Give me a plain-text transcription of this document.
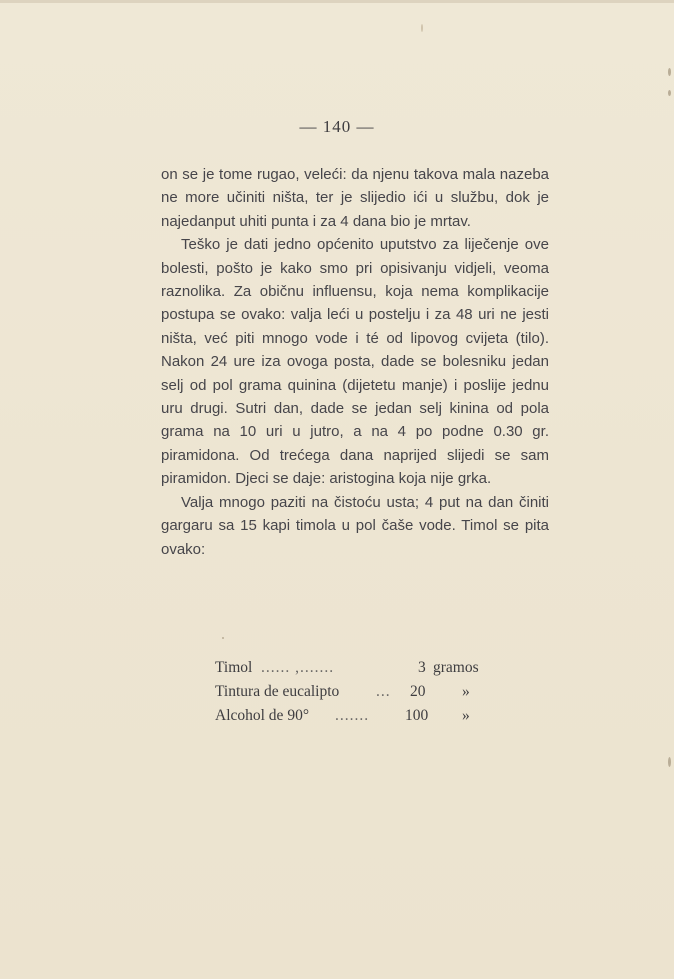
— 140 —

on se je tome rugao, veleći: da njenu takova mala nazeba ne more učiniti ništa, ter je slijedio ići u službu, dok je najedanput uhiti punta i za 4 dana bio je mrtav.

Teško je dati jedno općenito uputstvo za liječenje ove bolesti, pošto je kako smo pri opisivanju vidjeli, veoma raznolika. Za običnu influensu, koja nema komplikacije postupa se ovako: valja leći u postelju i za 48 uri ne jesti ništa, već piti mnogo vode i té od lipovog cvijeta (tilo). Nakon 24 ure iza ovoga posta, dade se bolesniku jedan selj od pol grama quinina (dijetetu manje) i poslije jednu uru drugi. Sutri dan, dade se jedan selj kinina od pola grama na 10 uri u jutro, a na 4 po podne 0.30 gr. piramidona. Od trećega dana naprijed slijedi se sam piramidon. Djeci se daje: aristogina koja nije grka.

Valja mnogo paziti na čistoću usta; 4 put na dan činiti gargaru sa 15 kapi timola u pol čaše vode. Timol se pita ovako:

Timol ...... ,.......	3 gramos
Tintura de eucalipto ... 20 »
Alcohol de 90° ....... 100 »
